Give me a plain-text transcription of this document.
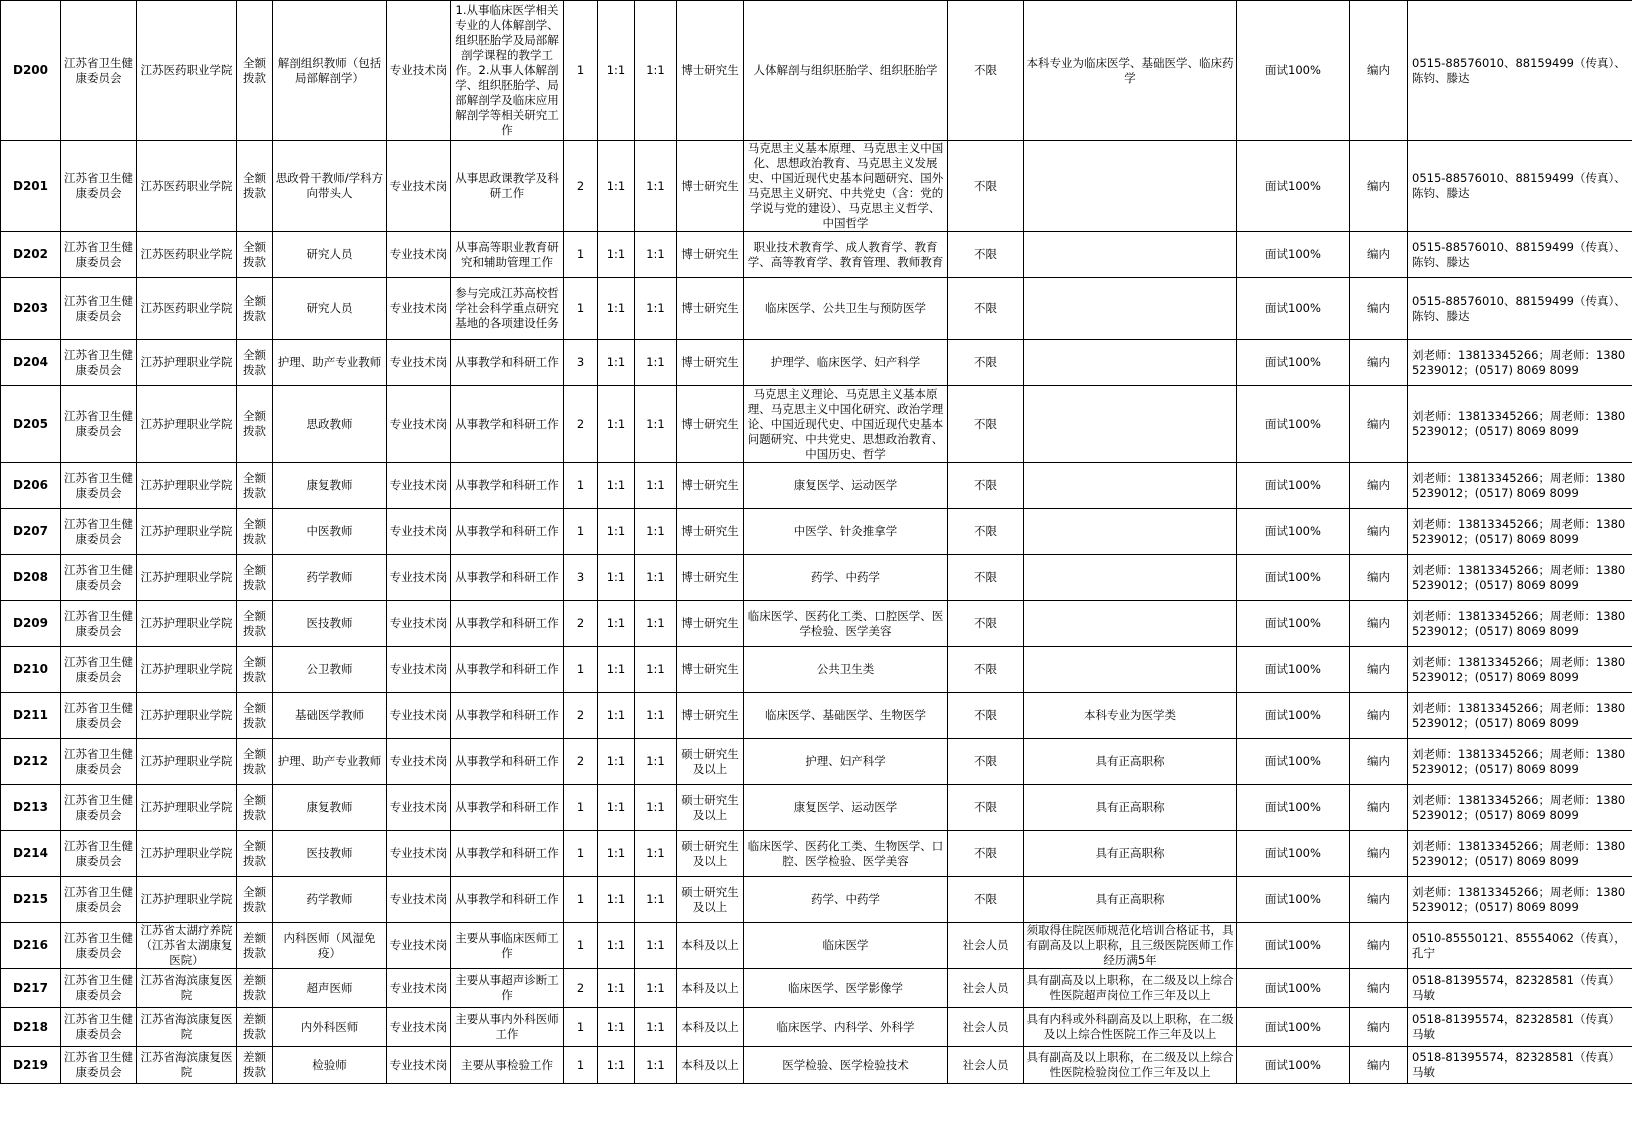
D200	江苏省卫生健康委员会	江苏医药职业学院	全额拨款	解剖组织教师（包括局部解剖学）	专业技术岗	1.从事临床医学相关专业的人体解剖学、组织胚胎学及局部解剖学课程的教学工作。2.从事人体解剖学、组织胚胎学、局部解剖学及临床应用解剖学等相关研究工作	1	1:1	1:1	博士研究生	人体解剖与组织胚胎学、组织胚胎学	不限	本科专业为临床医学、基础医学、临床药学	面试100%	编内	0515-88576010、88159499（传真）、陈钧、滕达
D201	江苏省卫生健康委员会	江苏医药职业学院	全额拨款	思政骨干教师/学科方向带头人	专业技术岗	从事思政课教学及科研工作	2	1:1	1:1	博士研究生	马克思主义基本原理、马克思主义中国化、思想政治教育、马克思主义发展史、中国近现代史基本问题研究、国外马克思主义研究、中共党史（含：党的学说与党的建设）、马克思主义哲学、中国哲学	不限		面试100%	编内	0515-88576010、88159499（传真）、陈钧、滕达
D202	江苏省卫生健康委员会	江苏医药职业学院	全额拨款	研究人员	专业技术岗	从事高等职业教育研究和辅助管理工作	1	1:1	1:1	博士研究生	职业技术教育学、成人教育学、教育学、高等教育学、教育管理、教师教育	不限		面试100%	编内	0515-88576010、88159499（传真）、陈钧、滕达
D203	江苏省卫生健康委员会	江苏医药职业学院	全额拨款	研究人员	专业技术岗	参与完成江苏高校哲学社会科学重点研究基地的各项建设任务	1	1:1	1:1	博士研究生	临床医学、公共卫生与预防医学	不限		面试100%	编内	0515-88576010、88159499（传真）、陈钧、滕达
D204	江苏省卫生健康委员会	江苏护理职业学院	全额拨款	护理、助产专业教师	专业技术岗	从事教学和科研工作	3	1:1	1:1	博士研究生	护理学、临床医学、妇产科学	不限		面试100%	编内	刘老师：13813345266；周老师：13805239012；(0517) 8069 8099
D205	江苏省卫生健康委员会	江苏护理职业学院	全额拨款	思政教师	专业技术岗	从事教学和科研工作	2	1:1	1:1	博士研究生	马克思主义理论、马克思主义基本原理、马克思主义中国化研究、政治学理论、中国近现代史、中国近现代史基本问题研究、中共党史、思想政治教育、中国历史、哲学	不限		面试100%	编内	刘老师：13813345266；周老师：13805239012；(0517) 8069 8099
D206	江苏省卫生健康委员会	江苏护理职业学院	全额拨款	康复教师	专业技术岗	从事教学和科研工作	1	1:1	1:1	博士研究生	康复医学、运动医学	不限		面试100%	编内	刘老师：13813345266；周老师：13805239012；(0517) 8069 8099
D207	江苏省卫生健康委员会	江苏护理职业学院	全额拨款	中医教师	专业技术岗	从事教学和科研工作	1	1:1	1:1	博士研究生	中医学、针灸推拿学	不限		面试100%	编内	刘老师：13813345266；周老师：13805239012；(0517) 8069 8099
D208	江苏省卫生健康委员会	江苏护理职业学院	全额拨款	药学教师	专业技术岗	从事教学和科研工作	3	1:1	1:1	博士研究生	药学、中药学	不限		面试100%	编内	刘老师：13813345266；周老师：13805239012；(0517) 8069 8099
D209	江苏省卫生健康委员会	江苏护理职业学院	全额拨款	医技教师	专业技术岗	从事教学和科研工作	2	1:1	1:1	博士研究生	临床医学、医药化工类、口腔医学、医学检验、医学美容	不限		面试100%	编内	刘老师：13813345266；周老师：13805239012；(0517) 8069 8099
D210	江苏省卫生健康委员会	江苏护理职业学院	全额拨款	公卫教师	专业技术岗	从事教学和科研工作	1	1:1	1:1	博士研究生	公共卫生类	不限		面试100%	编内	刘老师：13813345266；周老师：13805239012；(0517) 8069 8099
D211	江苏省卫生健康委员会	江苏护理职业学院	全额拨款	基础医学教师	专业技术岗	从事教学和科研工作	2	1:1	1:1	博士研究生	临床医学、基础医学、生物医学	不限	本科专业为医学类	面试100%	编内	刘老师：13813345266；周老师：13805239012；(0517) 8069 8099
D212	江苏省卫生健康委员会	江苏护理职业学院	全额拨款	护理、助产专业教师	专业技术岗	从事教学和科研工作	2	1:1	1:1	硕士研究生及以上	护理、妇产科学	不限	具有正高职称	面试100%	编内	刘老师：13813345266；周老师：13805239012；(0517) 8069 8099
D213	江苏省卫生健康委员会	江苏护理职业学院	全额拨款	康复教师	专业技术岗	从事教学和科研工作	1	1:1	1:1	硕士研究生及以上	康复医学、运动医学	不限	具有正高职称	面试100%	编内	刘老师：13813345266；周老师：13805239012；(0517) 8069 8099
D214	江苏省卫生健康委员会	江苏护理职业学院	全额拨款	医技教师	专业技术岗	从事教学和科研工作	1	1:1	1:1	硕士研究生及以上	临床医学、医药化工类、生物医学、口腔、医学检验、医学美容	不限	具有正高职称	面试100%	编内	刘老师：13813345266；周老师：13805239012；(0517) 8069 8099
D215	江苏省卫生健康委员会	江苏护理职业学院	全额拨款	药学教师	专业技术岗	从事教学和科研工作	1	1:1	1:1	硕士研究生及以上	药学、中药学	不限	具有正高职称	面试100%	编内	刘老师：13813345266；周老师：13805239012；(0517) 8069 8099
D216	江苏省卫生健康委员会	江苏省太湖疗养院（江苏省太湖康复医院）	差额拨款	内科医师（风湿免疫）	专业技术岗	主要从事临床医师工作	1	1:1	1:1	本科及以上	临床医学	社会人员	须取得住院医师规范化培训合格证书，具有副高及以上职称，且三级医院医师工作经历满5年	面试100%	编内	0510-85550121、85554062（传真），孔宁
D217	江苏省卫生健康委员会	江苏省海滨康复医院	差额拨款	超声医师	专业技术岗	主要从事超声诊断工作	2	1:1	1:1	本科及以上	临床医学、医学影像学	社会人员	具有副高及以上职称，在二级及以上综合性医院超声岗位工作三年及以上	面试100%	编内	0518-81395574，82328581（传真）马敏
D218	江苏省卫生健康委员会	江苏省海滨康复医院	差额拨款	内外科医师	专业技术岗	主要从事内外科医师工作	1	1:1	1:1	本科及以上	临床医学、内科学、外科学	社会人员	具有内科或外科副高及以上职称，在二级及以上综合性医院工作三年及以上	面试100%	编内	0518-81395574，82328581（传真）马敏
D219	江苏省卫生健康委员会	江苏省海滨康复医院	差额拨款	检验师	专业技术岗	主要从事检验工作	1	1:1	1:1	本科及以上	医学检验、医学检验技术	社会人员	具有副高及以上职称，在二级及以上综合性医院检验岗位工作三年及以上	面试100%	编内	0518-81395574，82328581（传真）马敏
